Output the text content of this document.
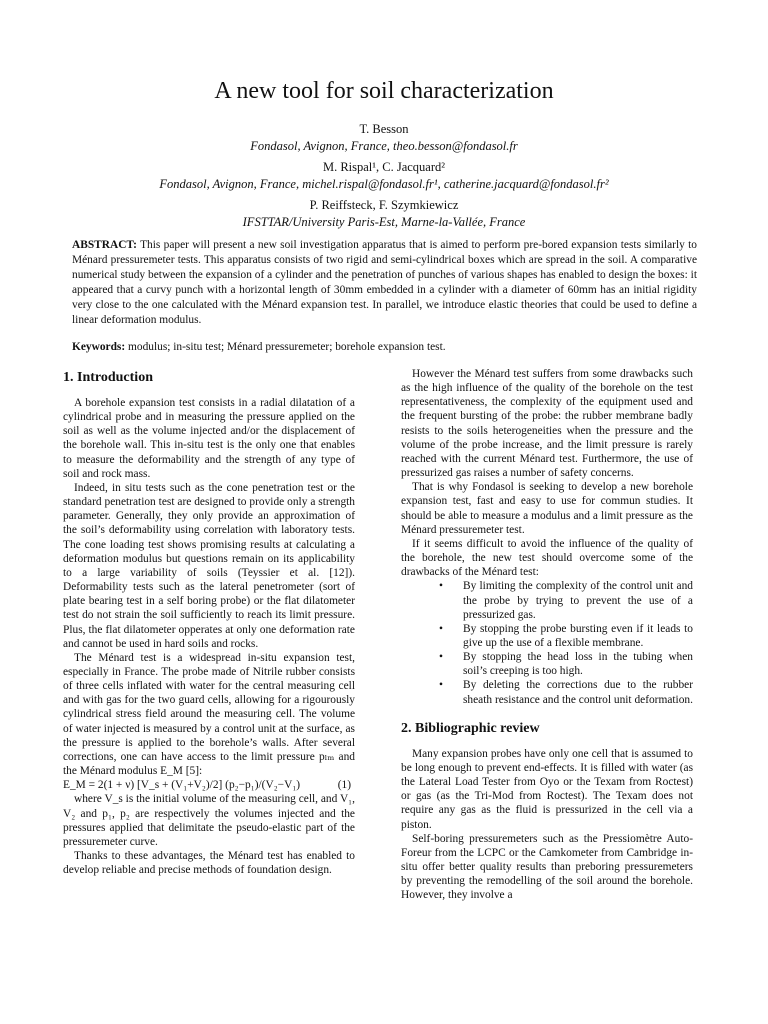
A new tool for soil characterization

T. Besson

Fondasol, Avignon, France, theo.besson@fondasol.fr

M. Rispal¹, C. Jacquard²

Fondasol, Avignon, France, michel.rispal@fondasol.fr¹, catherine.jacquard@fondasol.fr²

P. Reiffsteck, F. Szymkiewicz

IFSTTAR/University Paris-Est, Marne-la-Vallée, France

ABSTRACT: This paper will present a new soil investigation apparatus that is aimed to perform pre-bored expansion tests similarly to Ménard pressuremeter tests. This apparatus consists of two rigid and semi-cylindrical boxes which are spread in the soil. A comparative numerical study between the expansion of a cylinder and the penetration of punches of various shapes has enabled to design the boxes: it appeared that a curvy punch with a horizontal length of 30mm embedded in a cylinder with a diameter of 60mm has an initial rigidity very close to the one calculated with the Ménard expansion test. In parallel, we introduce elastic theories that could be used to define a linear deformation modulus.

Keywords: modulus; in-situ test; Ménard pressuremeter; borehole expansion test.

1. Introduction

A borehole expansion test consists in a radial dilatation of a cylindrical probe and in measuring the pressure applied on the soil as well as the volume injected and/or the displacement of the borehole wall. This in-situ test is the only one that enables to measure the deformability and the strength of any type of soil and rock mass.

Indeed, in situ tests such as the cone penetration test or the standard penetration test are designed to provide only a strength parameter. Generally, they only provide an approximation of the soil’s deformability using correlation with laboratory tests. The cone loading test shows promising results at calculating a deformation modulus but questions remain on its applicability to a large variability of soils (Teyssier et al. [12]). Deformability tests such as the lateral penetrometer (sort of plate bearing test in a self boring probe) or the flat dilatometer test do not strain the soil sufficiently to reach its limit pressure. Plus, the flat dilatometer opperates at only one deformation rate and cannot be used in hard soils and rocks.

The Ménard test is a widespread in-situ expansion test, especially in France. The probe made of Nitrile rubber consists of three cells inflated with water for the central measuring cell and with gas for the two guard cells, allowing for a rigourously cylindrical stress field around the measuring cell. The volume of water injected is measured by a control unit at the surface, as the pressure is applied to the borehole’s walls. After several corrections, one can have access to the limit pressure pₗₘ and the Ménard modulus E_M [5]:

E_M = 2(1 + ν) [V_s + (V₁+V₂)/2] (p₂−p₁)/(V₂−V₁)	(1)

where V_s is the initial volume of the measuring cell, and V₁, V₂ and p₁, p₂ are respectively the volumes injected and the pressures applied that delimitate the pseudo-elastic part of the pressuremeter curve.

Thanks to these advantages, the Ménard test has enabled to develop reliable and precise methods of foundation design.

However the Ménard test suffers from some drawbacks such as the high influence of the quality of the borehole on the test representativeness, the complexity of the equipment used and the frequent bursting of the probe: the rubber membrane badly resists to the soils heterogeneities when the pressure and the volume of the probe increase, and the limit pressure is rarely reached with the current Ménard test. Furthermore, the use of pressurized gas raises a number of safety concerns.

That is why Fondasol is seeking to develop a new borehole expansion test, fast and easy to use for commun studies. It should be able to measure a modulus and a limit pressure as the Ménard pressuremeter test.

If it seems difficult to avoid the influence of the quality of the borehole, the new test should overcome some of the drawbacks of the Ménard test:

• By limiting the complexity of the control unit and the probe by trying to prevent the use of a pressurized gas.
• By stopping the probe bursting even if it leads to give up the use of a flexible membrane.
• By stopping the head loss in the tubing when soil’s creeping is too high.
• By deleting the corrections due to the rubber sheath resistance and the control unit deformation.
2. Bibliographic review

Many expansion probes have only one cell that is assumed to be long enough to prevent end-effects. It is filled with water (as the Lateral Load Tester from Oyo or the Texam from Roctest) or gas (as the Tri-Mod from Roctest). The Texam does not require any gas as the fluid is pressurized in the cell via a piston.

Self-boring pressuremeters such as the Pressiomètre Auto-Foreur from the LCPC or the Camkometer from Cambridge in-situ offer better quality results than preboring pressuremeters by preventing the remodelling of the soil around the borehole. However, they involve a
